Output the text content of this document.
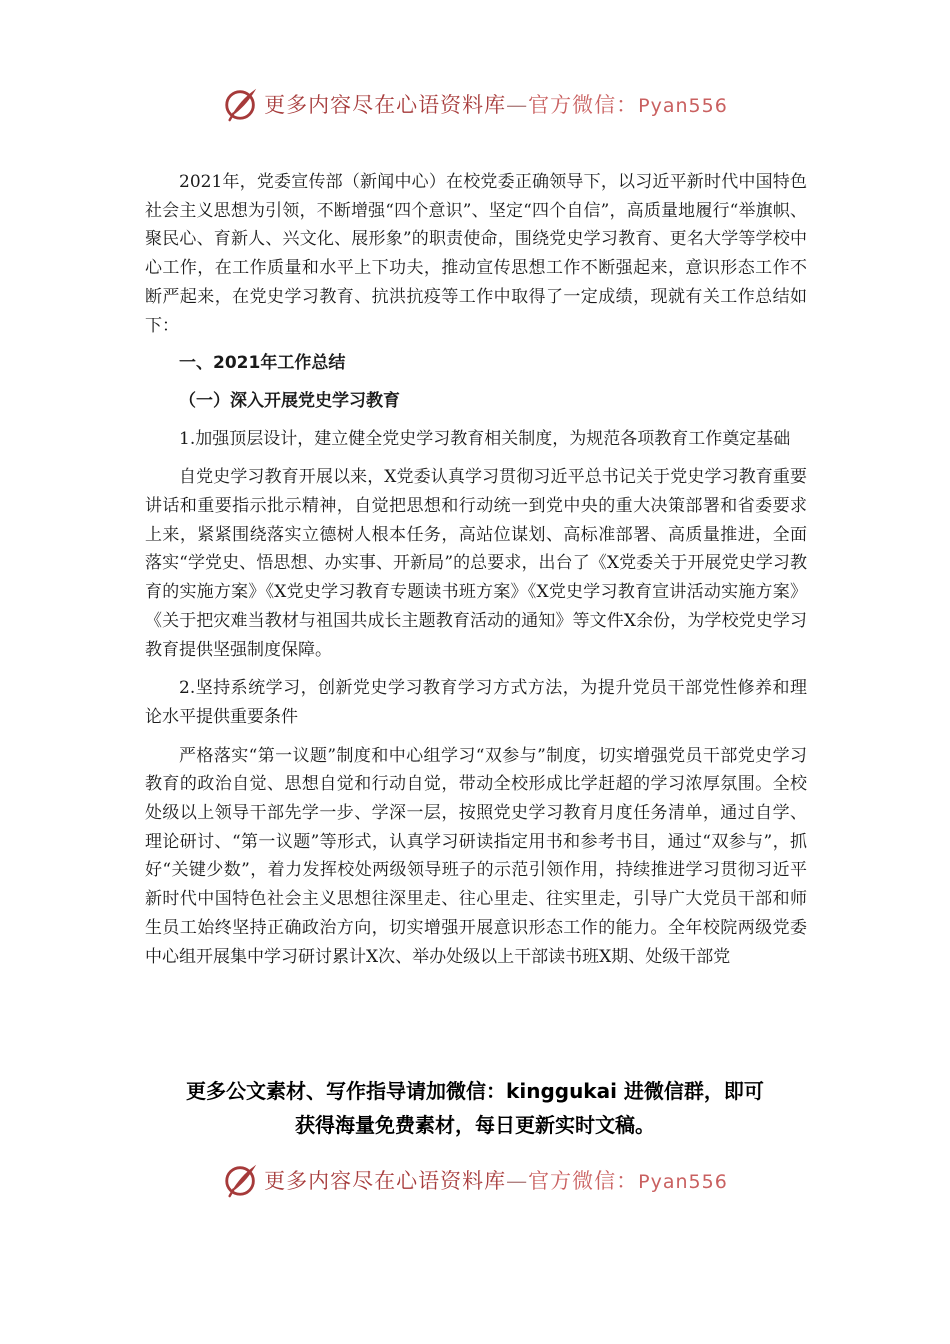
更多内容尽在心语资料库—官方微信：Pyan556

2021年，党委宣传部（新闻中心）在校党委正确领导下，以习近平新时代中国特色社会主义思想为引领，不断增强“四个意识”、坚定“四个自信”，高质量地履行“举旗帜、聚民心、育新人、兴文化、展形象”的职责使命，围绕党史学习教育、更名大学等学校中心工作，在工作质量和水平上下功夫，推动宣传思想工作不断强起来，意识形态工作不断严起来，在党史学习教育、抗洪抗疫等工作中取得了一定成绩，现就有关工作总结如下：

一、2021年工作总结

（一）深入开展党史学习教育

1.加强顶层设计，建立健全党史学习教育相关制度，为规范各项教育工作奠定基础

自党史学习教育开展以来，X党委认真学习贯彻习近平总书记关于党史学习教育重要讲话和重要指示批示精神，自觉把思想和行动统一到党中央的重大决策部署和省委要求上来，紧紧围绕落实立德树人根本任务，高站位谋划、高标准部署、高质量推进，全面落实“学党史、悟思想、办实事、开新局”的总要求，出台了《X党委关于开展党史学习教育的实施方案》《X党史学习教育专题读书班方案》《X党史学习教育宣讲活动实施方案》《关于把灾难当教材与祖国共成长主题教育活动的通知》等文件X余份，为学校党史学习教育提供坚强制度保障。

2.坚持系统学习，创新党史学习教育学习方式方法，为提升党员干部党性修养和理论水平提供重要条件

严格落实“第一议题”制度和中心组学习“双参与”制度，切实增强党员干部党史学习教育的政治自觉、思想自觉和行动自觉，带动全校形成比学赶超的学习浓厚氛围。全校处级以上领导干部先学一步、学深一层，按照党史学习教育月度任务清单，通过自学、理论研讨、“第一议题”等形式，认真学习研读指定用书和参考书目，通过“双参与”，抓好“关键少数”，着力发挥校处两级领导班子的示范引领作用，持续推进学习贯彻习近平新时代中国特色社会主义思想往深里走、往心里走、往实里走，引导广大党员干部和师生员工始终坚持正确政治方向，切实增强开展意识形态工作的能力。全年校院两级党委中心组开展集中学习研讨累计X次、举办处级以上干部读书班X期、处级干部党

更多公文素材、写作指导请加微信：kinggukai 进微信群，即可
获得海量免费素材，每日更新实时文稿。
更多内容尽在心语资料库—官方微信：Pyan556
